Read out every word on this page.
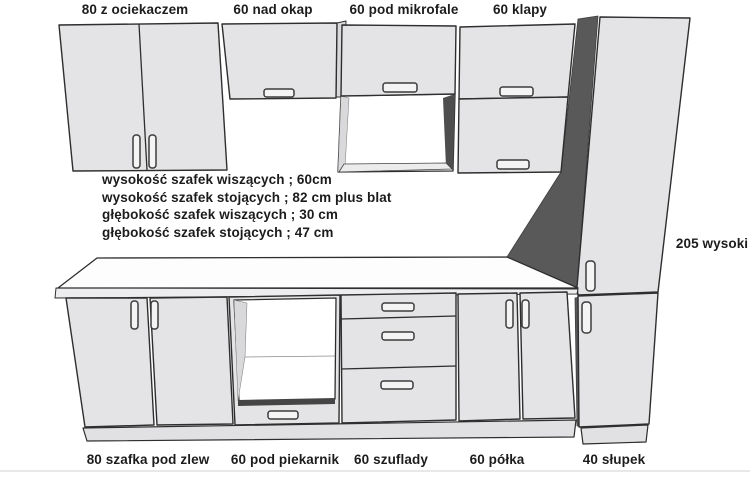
80 z ociekaczem	60 nad okap	60 pod mikrofale	60 klapy
wysokość szafek wiszących ; 60cm
wysokość szafek stojących ; 82 cm plus blat
głębokość szafek wiszących ; 30 cm
głębokość szafek stojących ; 47 cm
205 wysoki
80 szafka pod zlew 60 pod piekarnik 60 szuflady	60 półka	40 słupek
